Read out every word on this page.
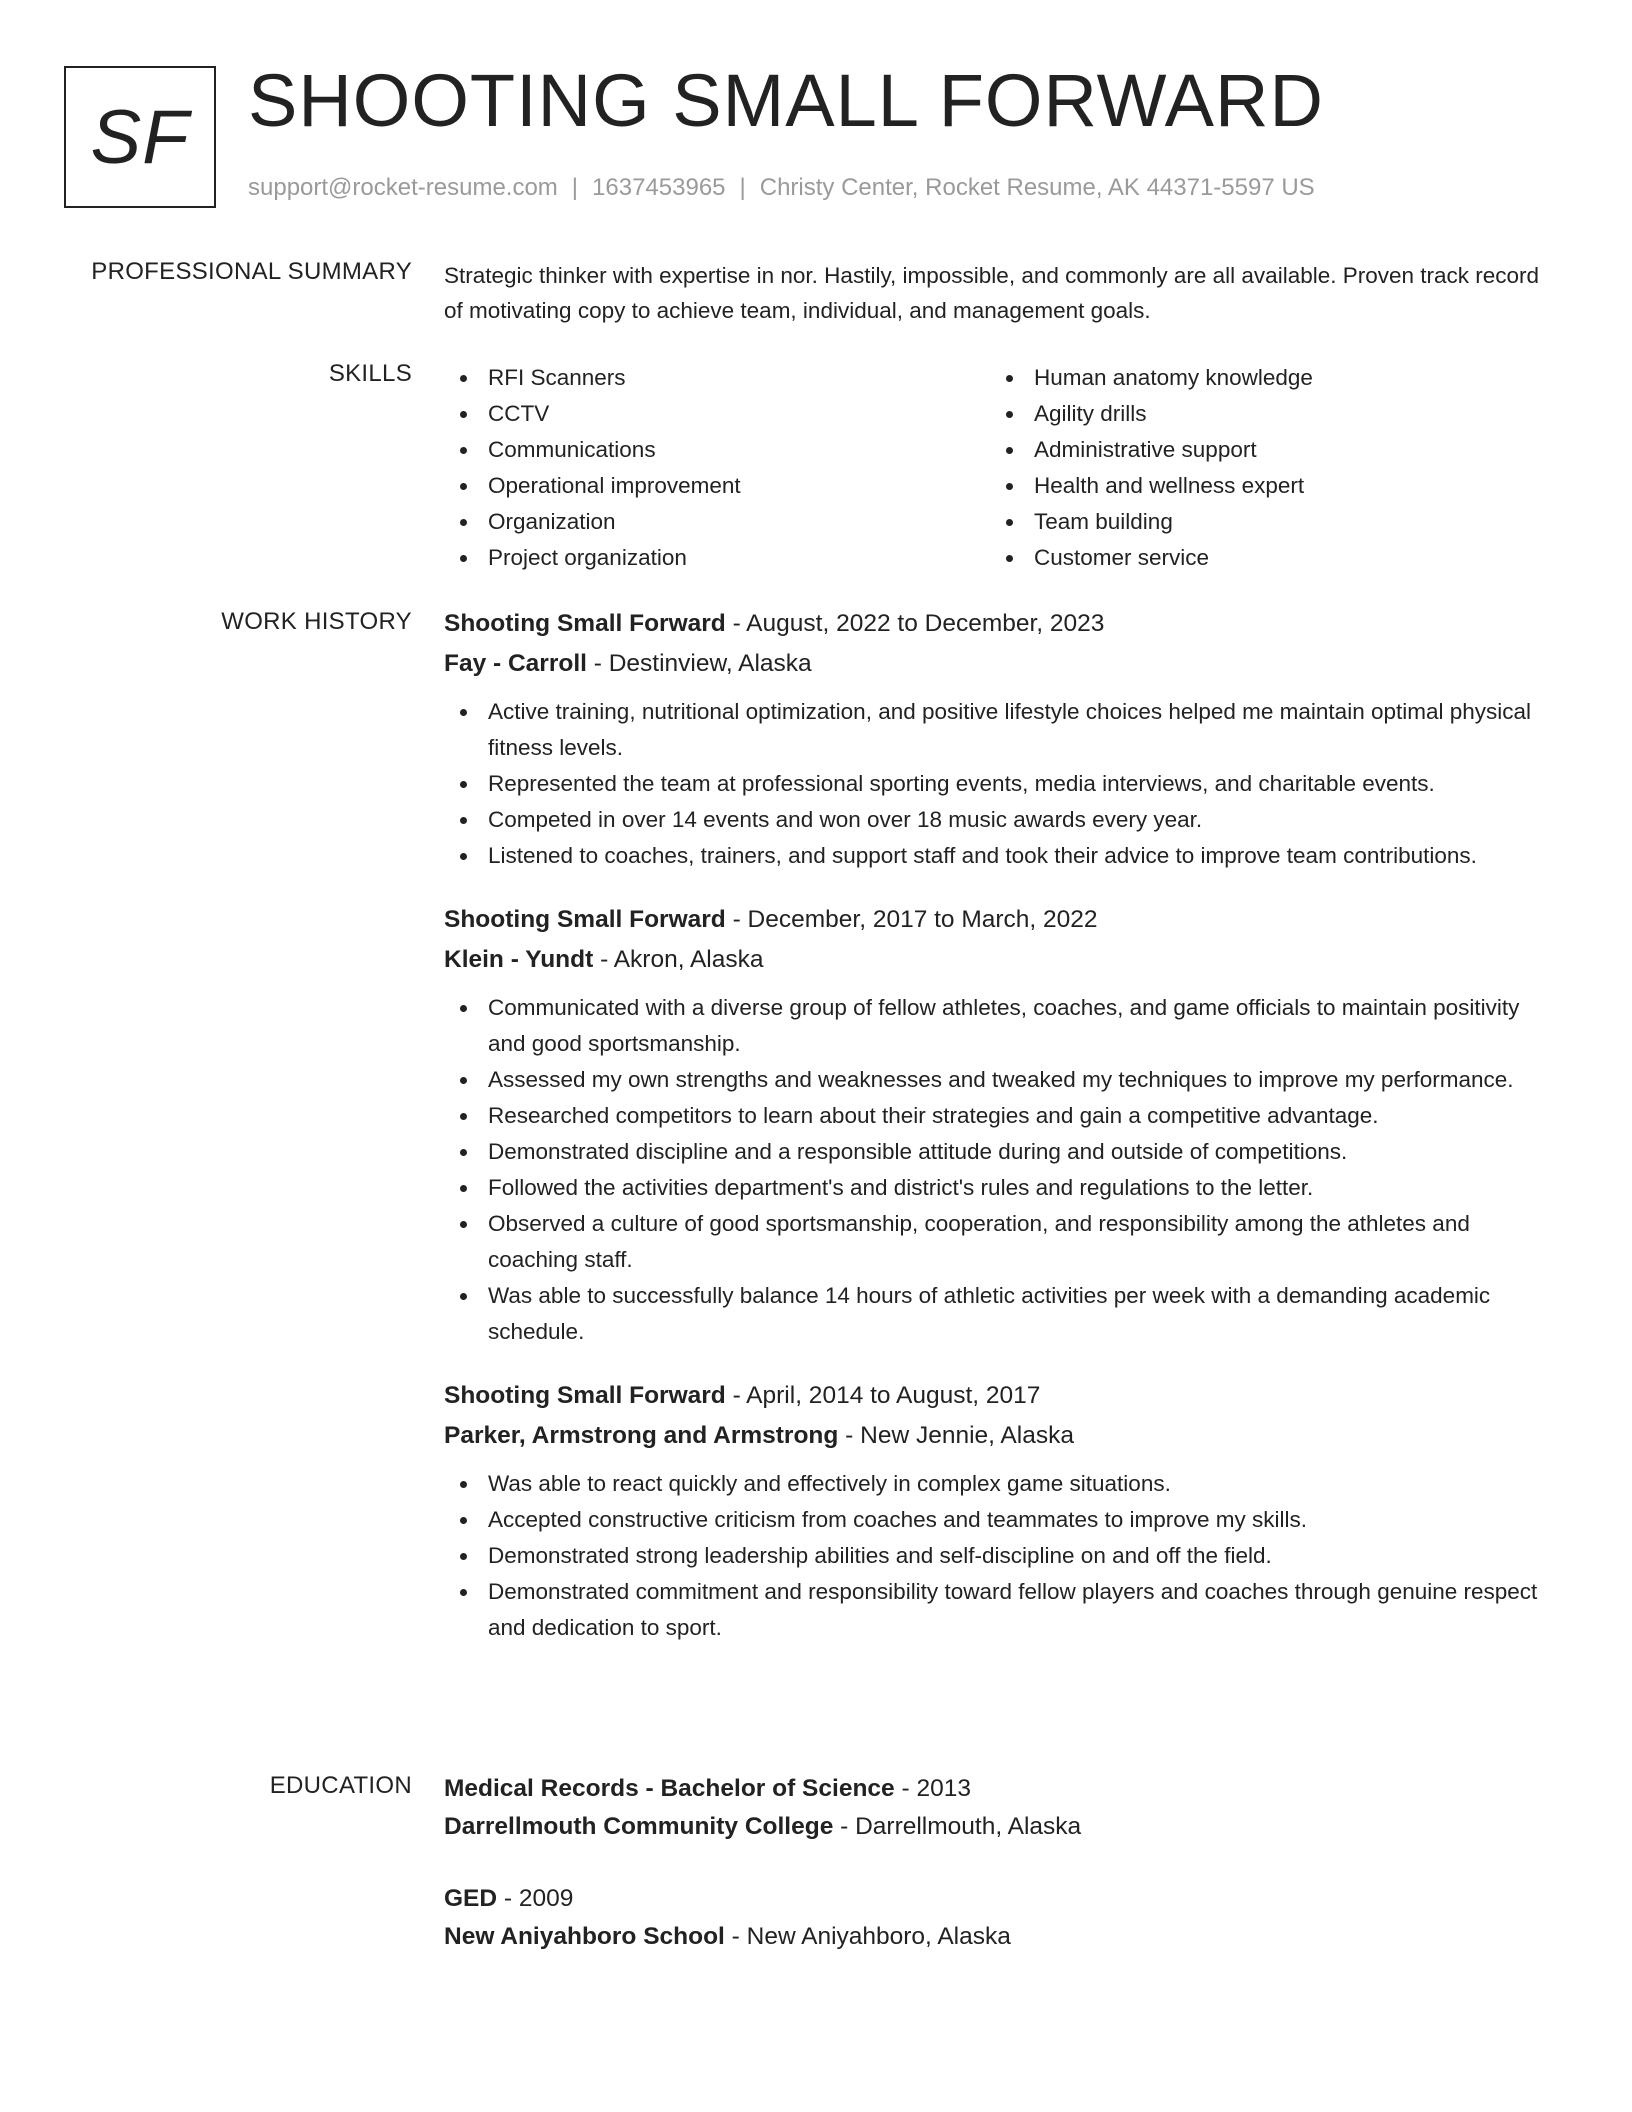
SF SHOOTING SMALL FORWARD
support@rocket-resume.com | 1637453965 | Christy Center, Rocket Resume, AK 44371-5597 US
PROFESSIONAL SUMMARY Strategic thinker with expertise in nor. Hastily, impossible, and commonly are all available. Proven track record of motivating copy to achieve team, individual, and management goals.
SKILLS	RFI Scanners
CCTV
Communications
Operational improvement
Organization
Project organization
Human anatomy knowledge
Agility drills
Administrative support
Health and wellness expert
Team building
Customer service
WORK HISTORY Shooting Small Forward - August, 2022 to December, 2023
Fay - Carroll - Destinview, Alaska
Active training, nutritional optimization, and positive lifestyle choices helped me maintain optimal physical fitness levels.
Represented the team at professional sporting events, media interviews, and charitable events.
Competed in over 14 events and won over 18 music awards every year.
Listened to coaches, trainers, and support staff and took their advice to improve team contributions.
Shooting Small Forward - December, 2017 to March, 2022
Klein - Yundt - Akron, Alaska
Communicated with a diverse group of fellow athletes, coaches, and game officials to maintain positivity and good sportsmanship.
Assessed my own strengths and weaknesses and tweaked my techniques to improve my performance.
Researched competitors to learn about their strategies and gain a competitive advantage.
Demonstrated discipline and a responsible attitude during and outside of competitions.
Followed the activities department's and district's rules and regulations to the letter.
Observed a culture of good sportsmanship, cooperation, and responsibility among the athletes and coaching staff.
Was able to successfully balance 14 hours of athletic activities per week with a demanding academic schedule.
Shooting Small Forward - April, 2014 to August, 2017
Parker, Armstrong and Armstrong - New Jennie, Alaska
Was able to react quickly and effectively in complex game situations.
Accepted constructive criticism from coaches and teammates to improve my skills.
Demonstrated strong leadership abilities and self-discipline on and off the field.
Demonstrated commitment and responsibility toward fellow players and coaches through genuine respect and dedication to sport.
EDUCATION Medical Records - Bachelor of Science - 2013
Darrellmouth Community College - Darrellmouth, Alaska
GED - 2009
New Aniyahboro School - New Aniyahboro, Alaska
